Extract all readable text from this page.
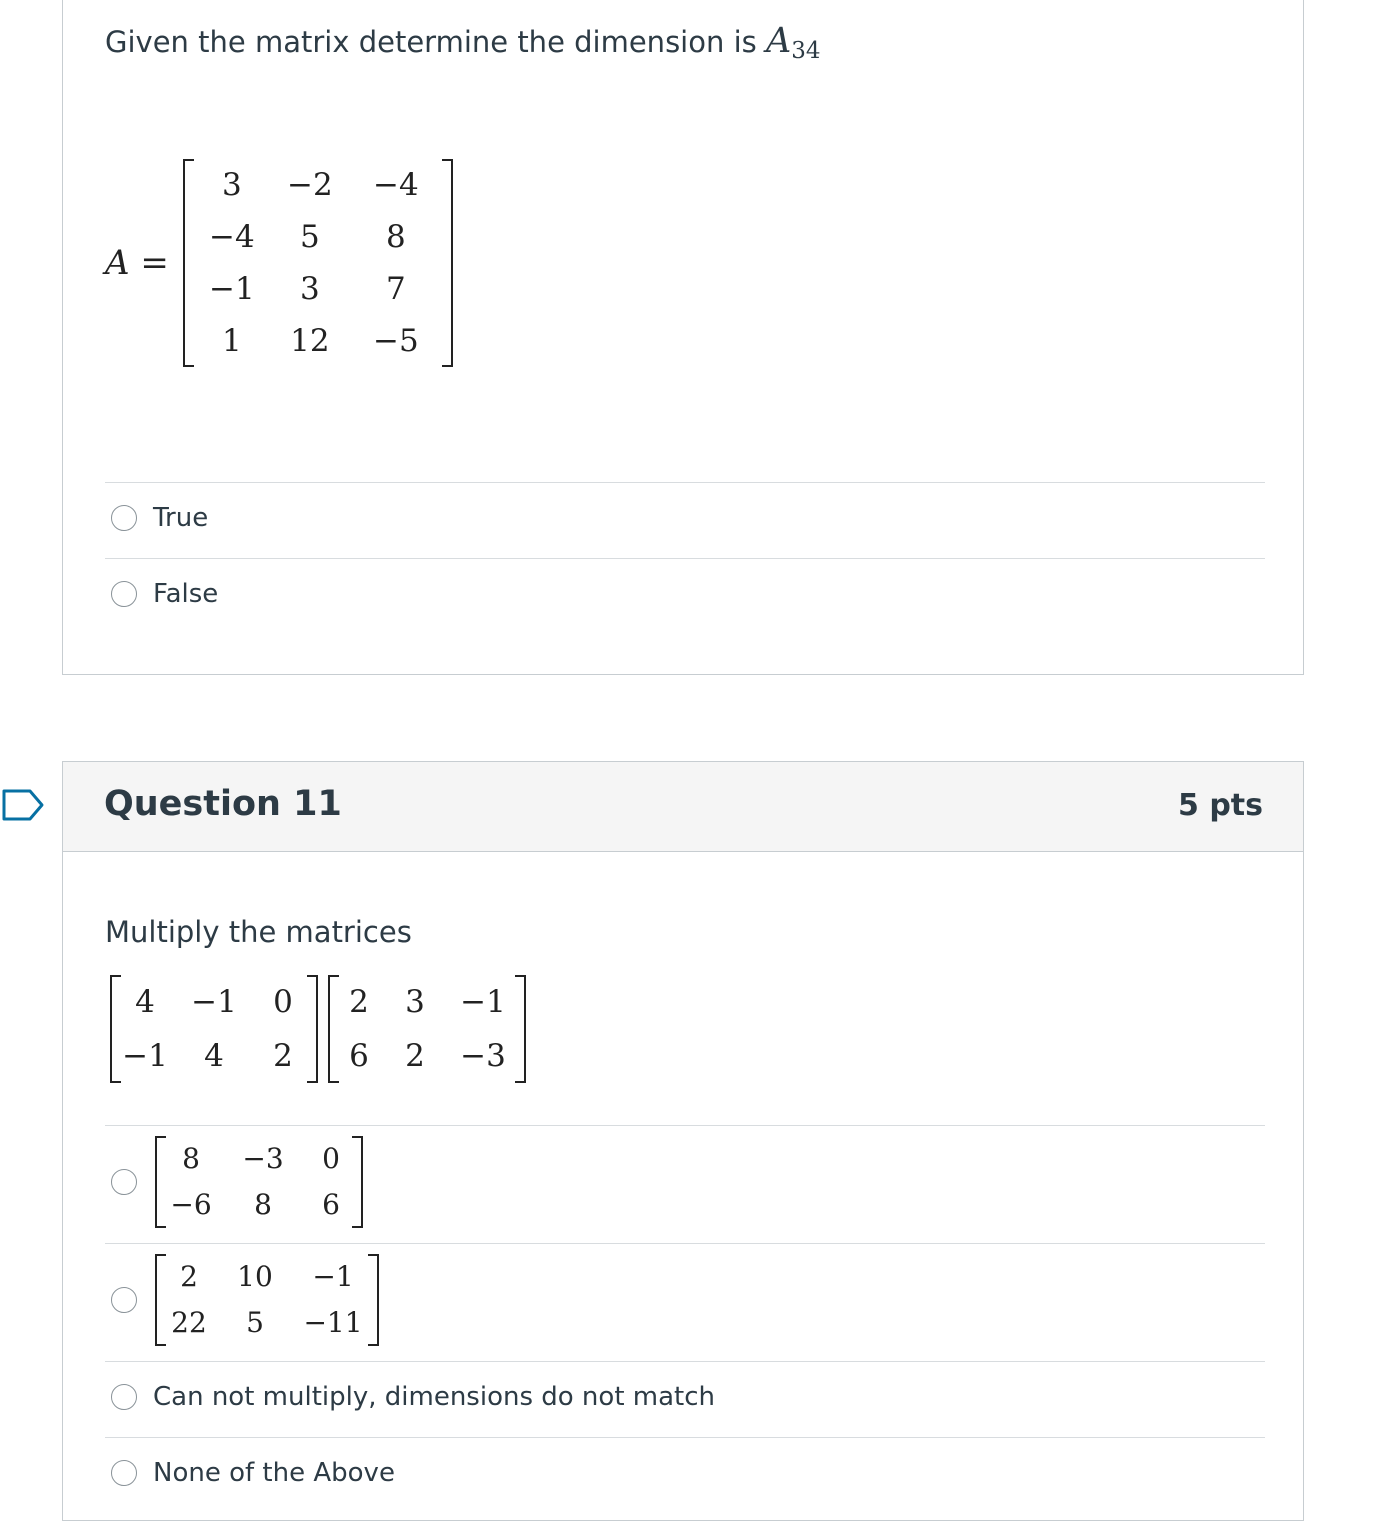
Given the matrix determine the dimension is $A_{34}$
A =
3	−2	−4
−4	5	8
−1	3	7
1	12	−5
True
False
Question 11	5 pts
Multiply the matrices
4	−1	0
−1	4	2
2	3	−1
6	2	−3
8	−3	0
−6	8	6
2	10	−1
22	5	−11
Can not multiply, dimensions do not match
None of the Above
